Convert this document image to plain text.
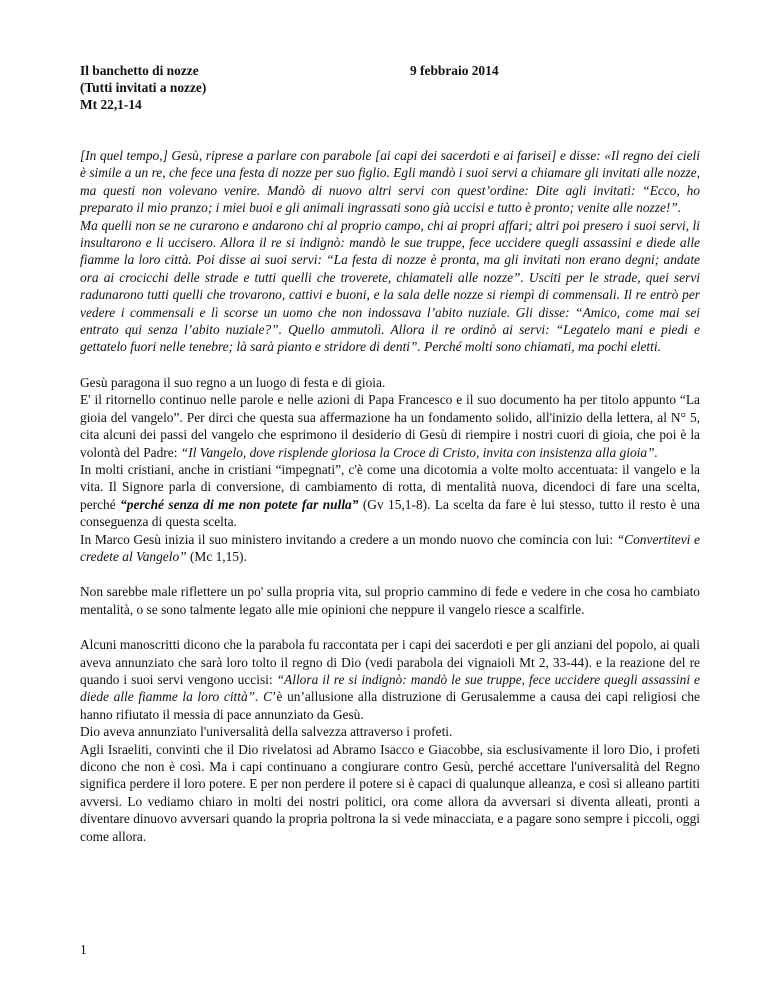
Il banchetto di nozze
(Tutti invitati a nozze)
Mt 22,1-14
9 febbraio 2014

[In quel tempo,] Gesù, riprese a parlare con parabole [ai capi dei sacerdoti e ai farisei] e disse: «Il regno dei cieli è simile a un re, che fece una festa di nozze per suo figlio. Egli mandò i suoi servi a chiamare gli invitati alle nozze, ma questi non volevano venire. Mandò di nuovo altri servi con quest’ordine: Dite agli invitati: “Ecco, ho preparato il mio pranzo; i miei buoi e gli animali ingrassati sono già uccisi e tutto è pronto; venite alle nozze!”.

Ma quelli non se ne curarono e andarono chi al proprio campo, chi ai propri affari; altri poi presero i suoi servi, li insultarono e li uccisero. Allora il re si indignò: mandò le sue truppe, fece uccidere quegli assassini e diede alle fiamme la loro città. Poi disse ai suoi servi: “La festa di nozze è pronta, ma gli invitati non erano degni; andate ora ai crocicchi delle strade e tutti quelli che troverete, chiamateli alle nozze”. Usciti per le strade, quei servi radunarono tutti quelli che trovarono, cattivi e buoni, e la sala delle nozze si riempì di commensali. Il re entrò per vedere i commensali e lì scorse un uomo che non indossava l’abito nuziale. Gli disse: “Amico, come mai sei entrato qui senza l’abito nuziale?”. Quello ammutolì. Allora il re ordinò ai servi: “Legatelo mani e piedi e gettatelo fuori nelle tenebre; là sarà pianto e stridore di denti”. Perché molti sono chiamati, ma pochi eletti.

Gesù paragona il suo regno a un luogo di festa e di gioia.

E' il ritornello continuo nelle parole e nelle azioni di Papa Francesco e il suo documento ha per titolo appunto “La gioia del vangelo”. Per dirci che questa sua affermazione ha un fondamento solido, all'inizio della lettera, al N° 5, cita alcuni dei passi del vangelo che esprimono il desiderio di Gesù di riempire i nostri cuori di gioia, che poi è la volontà del Padre: “Il Vangelo, dove risplende gloriosa la Croce di Cristo, invita con insistenza alla gioia”.

In molti cristiani, anche in cristiani “impegnati”, c'è come una dicotomia a volte molto accentuata: il vangelo e la vita. Il Signore parla di conversione, di cambiamento di rotta, di mentalità nuova, dicendoci di fare una scelta, perché “perché senza di me non potete far nulla” (Gv 15,1-8). La scelta da fare è lui stesso, tutto il resto è una conseguenza di questa scelta.

In Marco Gesù inizia il suo ministero invitando a credere a un mondo nuovo che comincia con lui: “Convertitevi e credete al Vangelo” (Mc 1,15).

Non sarebbe male riflettere un po' sulla propria vita, sul proprio cammino di fede e vedere in che cosa ho cambiato mentalità, o se sono talmente legato alle mie opinioni che neppure il vangelo riesce a scalfirle.

Alcuni manoscritti dicono che la parabola fu raccontata per i capi dei sacerdoti e per gli anziani del popolo, ai quali aveva annunziato che sarà loro tolto il regno di Dio (vedi parabola dei vignaioli Mt 2, 33-44). e la reazione del re quando i suoi servi vengono uccisi: “Allora il re si indignò: mandò le sue truppe, fece uccidere quegli assassini e diede alle fiamme la loro città”. C’è un’allusione alla distruzione di Gerusalemme a causa dei capi religiosi che hanno rifiutato il messia di pace annunziato da Gesù.

Dio aveva annunziato l'universalità della salvezza attraverso i profeti.

Agli Israeliti, convinti che il Dio rivelatosi ad Abramo Isacco e Giacobbe, sia esclusivamente il loro Dio, i profeti dicono che non è così. Ma i capi continuano a congiurare contro Gesù, perché accettare l'universalità del Regno significa perdere il loro potere. E per non perdere il potere si è capaci di qualunque alleanza, e così si alleano partiti avversi. Lo vediamo chiaro in molti dei nostri politici, ora come allora da avversari si diventa alleati, pronti a diventare dinuovo avversari quando la propria poltrona la si vede minacciata, e a pagare sono sempre i piccoli, oggi come allora.

1
